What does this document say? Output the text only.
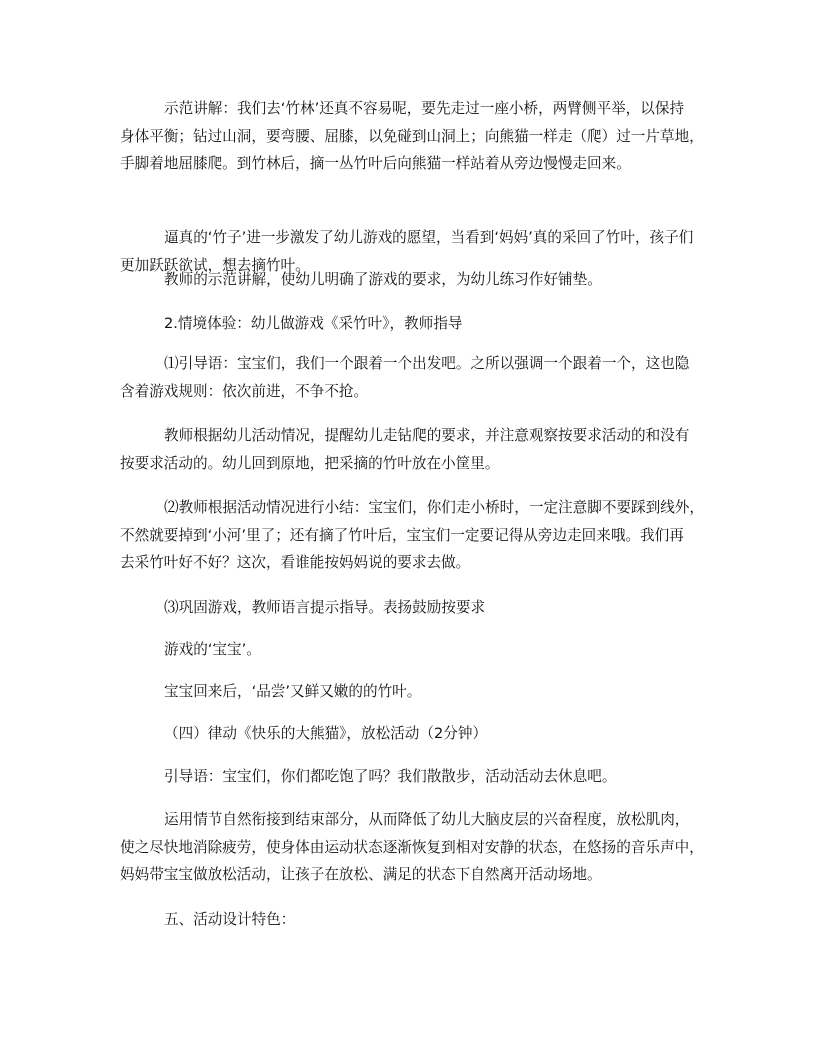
示范讲解：我们去‘竹林’还真不容易呢，要先走过一座小桥，两臂侧平举，以保持
身体平衡；钻过山洞，要弯腰、屈膝，以免碰到山洞上；向熊猫一样走（爬）过一片草地，
手脚着地屈膝爬。到竹林后，摘一丛竹叶后向熊猫一样站着从旁边慢慢走回来。

逼真的‘竹子’进一步激发了幼儿游戏的愿望，当看到‘妈妈’真的采回了竹叶，孩子们
更加跃跃欲试，想去摘竹叶。

教师的示范讲解，使幼儿明确了游戏的要求，为幼儿练习作好铺垫。

2.情境体验：幼儿做游戏《采竹叶》，教师指导

⑴引导语：宝宝们，我们一个跟着一个出发吧。之所以强调一个跟着一个，这也隐
含着游戏规则：依次前进，不争不抢。

教师根据幼儿活动情况，提醒幼儿走钻爬的要求，并注意观察按要求活动的和没有
按要求活动的。幼儿回到原地，把采摘的竹叶放在小筐里。

⑵教师根据活动情况进行小结：宝宝们，你们走小桥时，一定注意脚不要踩到线外，
不然就要掉到‘小河’里了；还有摘了竹叶后，宝宝们一定要记得从旁边走回来哦。我们再
去采竹叶好不好？这次，看谁能按妈妈说的要求去做。

⑶巩固游戏，教师语言提示指导。表扬鼓励按要求

游戏的‘宝宝’。

宝宝回来后，‘品尝’又鲜又嫩的的竹叶。

（四）律动《快乐的大熊猫》，放松活动（2分钟）

引导语：宝宝们，你们都吃饱了吗？我们散散步，活动活动去休息吧。

运用情节自然衔接到结束部分，从而降低了幼儿大脑皮层的兴奋程度，放松肌肉，
使之尽快地消除疲劳，使身体由运动状态逐渐恢复到相对安静的状态，在悠扬的音乐声中，
妈妈带宝宝做放松活动，让孩子在放松、满足的状态下自然离开活动场地。

五、活动设计特色：
